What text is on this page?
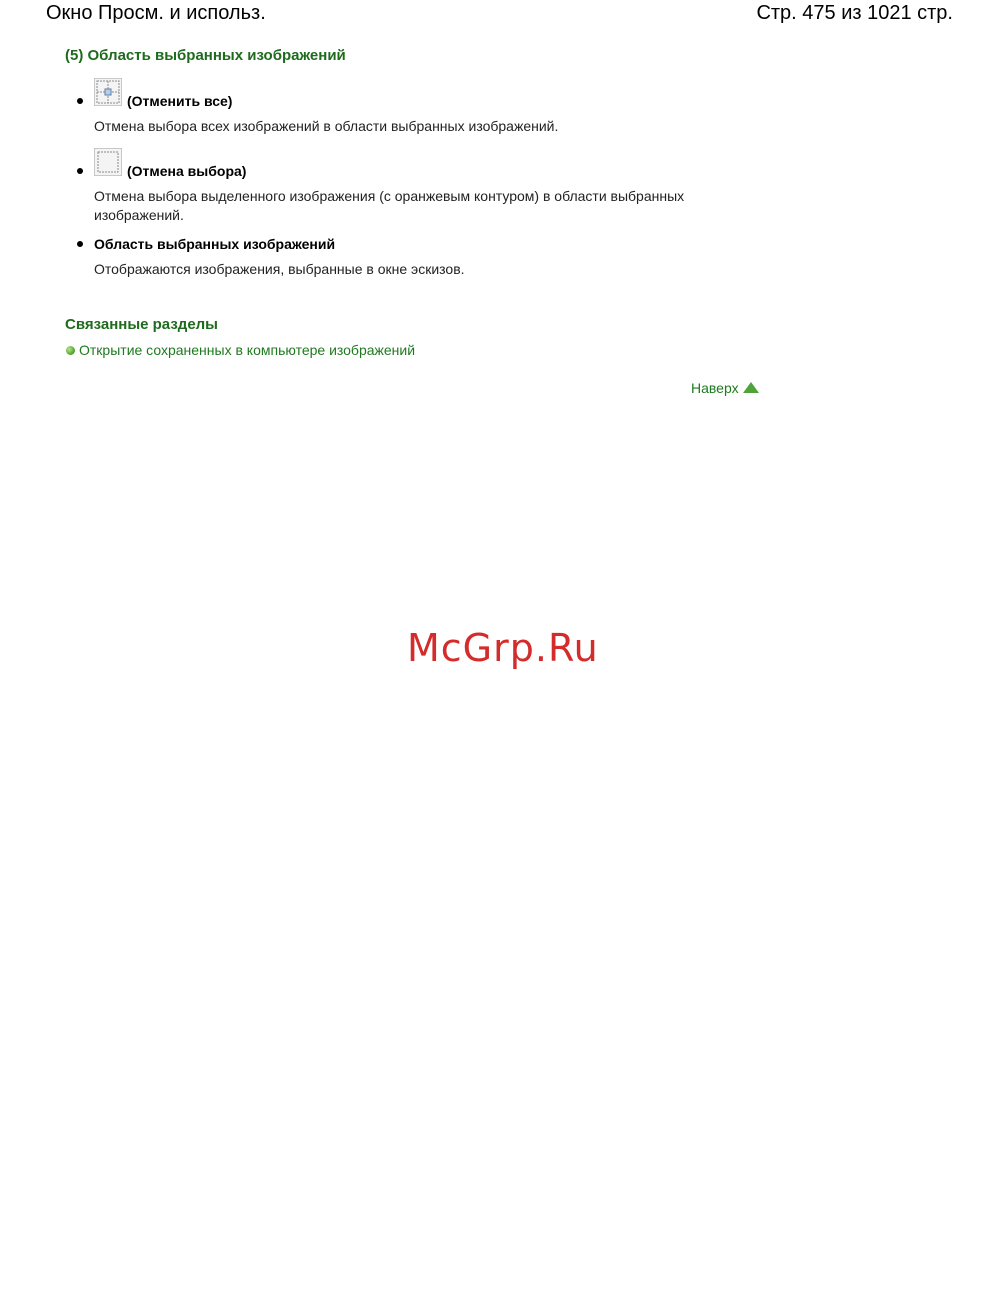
Окно Просм. и использ.	Стр. 475 из 1021 стр.
(5) Область выбранных изображений
(Отменить все)
Отмена выбора всех изображений в области выбранных изображений.
(Отмена выбора)
Отмена выбора выделенного изображения (с оранжевым контуром) в области выбранных изображений.
Область выбранных изображений
Отображаются изображения, выбранные в окне эскизов.
Связанные разделы
Открытие сохраненных в компьютере изображений
Наверх
McGrp.Ru
